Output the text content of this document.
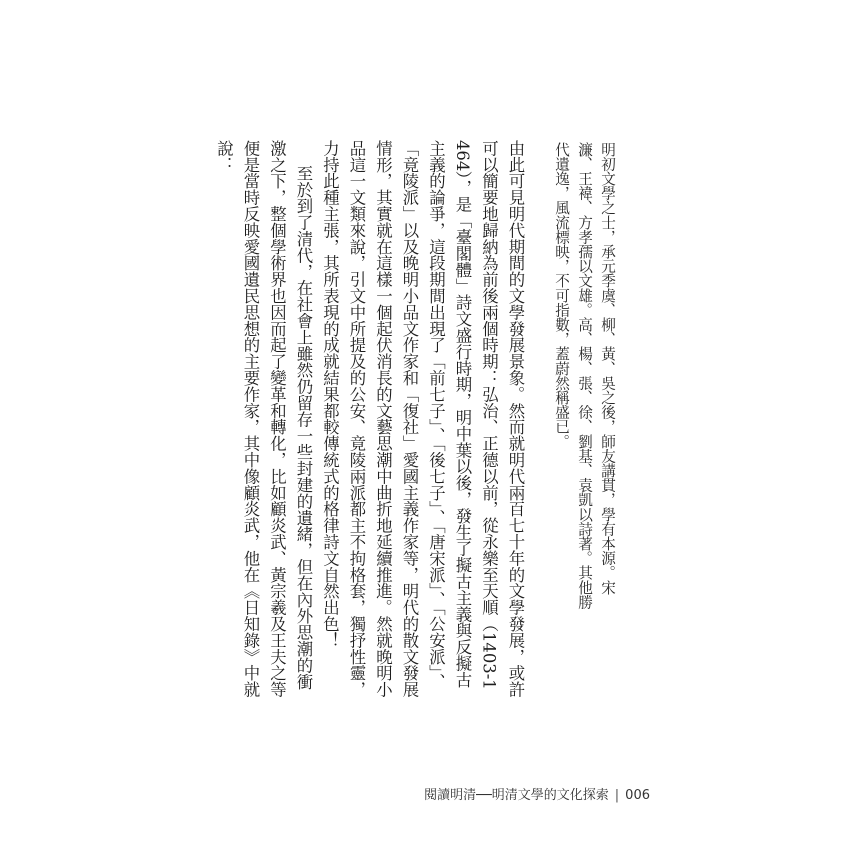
明初文學之士，承元季虞、柳、黃、吳之後，師友講貫，學有本源。宋濂、王褘、方孝孺以文雄。高、楊、張、徐、劉基、袁凱以詩著。其他勝代遺逸，風流標映，不可指數，蓋蔚然稱盛已。

由此可見明代期間的文學發展景象。然而就明代兩百七十年的文學發展，或許可以簡要地歸納為前後兩個時期：弘治、正德以前，從永樂至天順（1403-1464），是「臺閣體」詩文盛行時期，明中葉以後，發生了擬古主義與反擬古主義的論爭，這段期間出現了「前七子」、「後七子」、「唐宋派」、「公安派」、「竟陵派」以及晚明小品文作家和「復社」愛國主義作家等，明代的散文發展情形，其實就在這樣一個起伏消長的文藝思潮中曲折地延續推進。然就晚明小品這一文類來說，引文中所提及的公安、竟陵兩派都主不拘格套，獨抒性靈，力持此種主張，其所表現的成就結果都較傳統式的格律詩文自然出色！

至於到了清代，在社會上雖然仍留存一些封建的遺緒，但在內外思潮的衝激之下，整個學術界也因而起了變革和轉化，比如顧炎武、黃宗羲及王夫之等便是當時反映愛國遺民思想的主要作家，其中像顧炎武，他在《日知錄》中就說：

閱讀明清──明清文學的文化探索 | 006
